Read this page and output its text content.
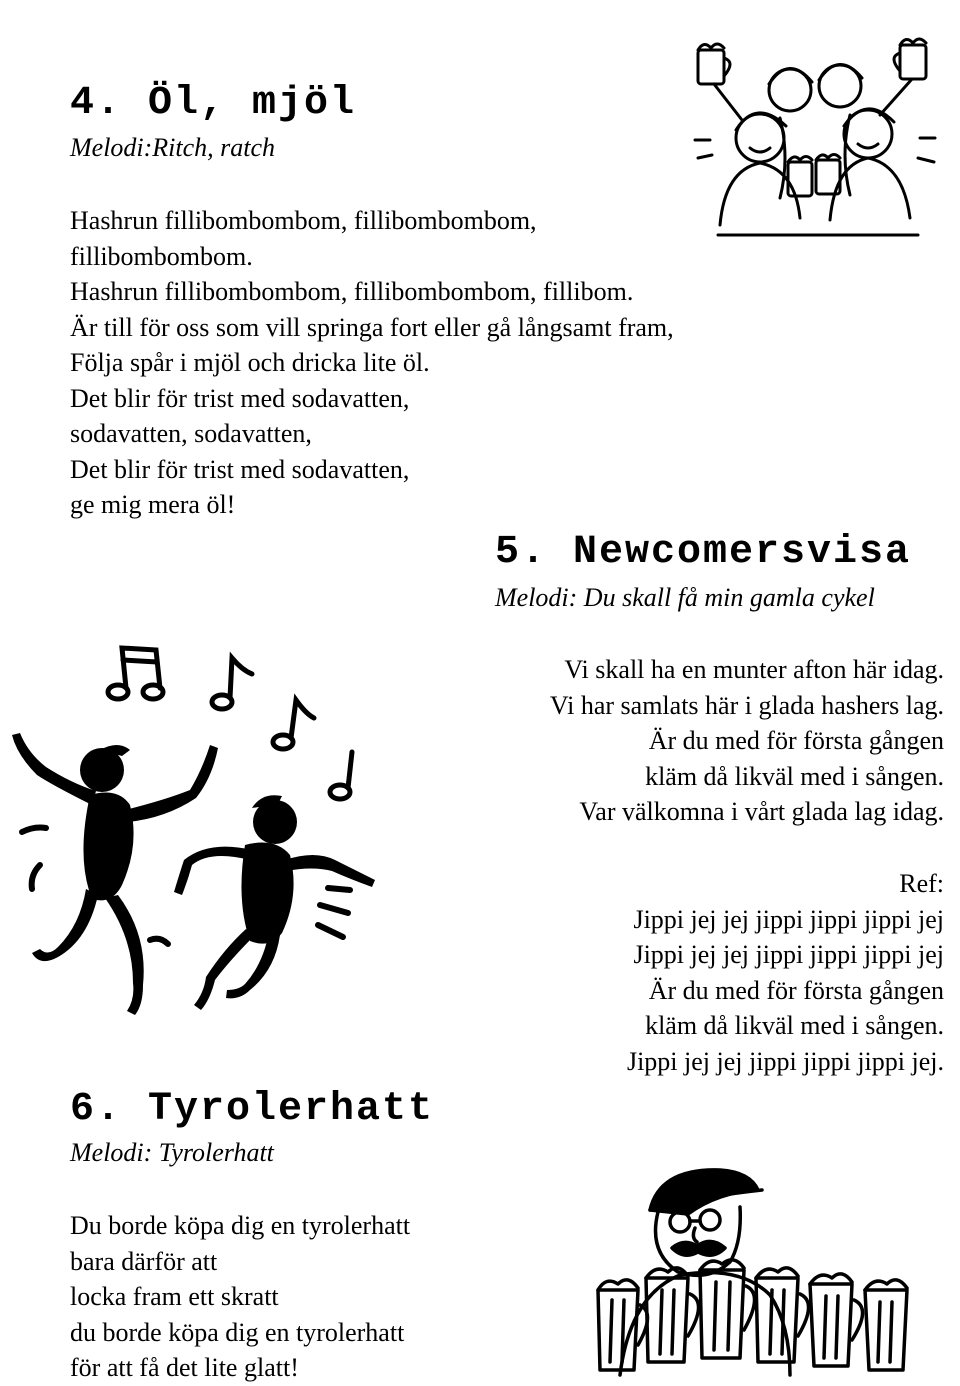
4. Öl, mjöl

Melodi:Ritch, ratch

Hashrun fillibombombom, fillibombombom,
fillibombombom.
Hashrun fillibombombom, fillibombombom, fillibom.
Är till för oss som vill springa fort eller gå långsamt fram,
Följa spår i mjöl och dricka lite öl.
Det blir för trist med sodavatten,
sodavatten, sodavatten,
Det blir för trist med sodavatten,
ge mig mera öl!
5. Newcomersvisa

Melodi: Du skall få min gamla cykel

Vi skall ha en munter afton här idag.
Vi har samlats här i glada hashers lag.
Är du med för första gången
kläm då likväl med i sången.
Var välkomna i vårt glada lag idag.
Ref:
Jippi jej jej jippi jippi jippi jej
Jippi jej jej jippi jippi jippi jej
Är du med för första gången
kläm då likväl med i sången.
Jippi jej jej jippi jippi jippi jej.
6. Tyrolerhatt

Melodi: Tyrolerhatt

Du borde köpa dig en tyrolerhatt
bara därför att
locka fram ett skratt
du borde köpa dig en tyrolerhatt
för att få det lite glatt!
